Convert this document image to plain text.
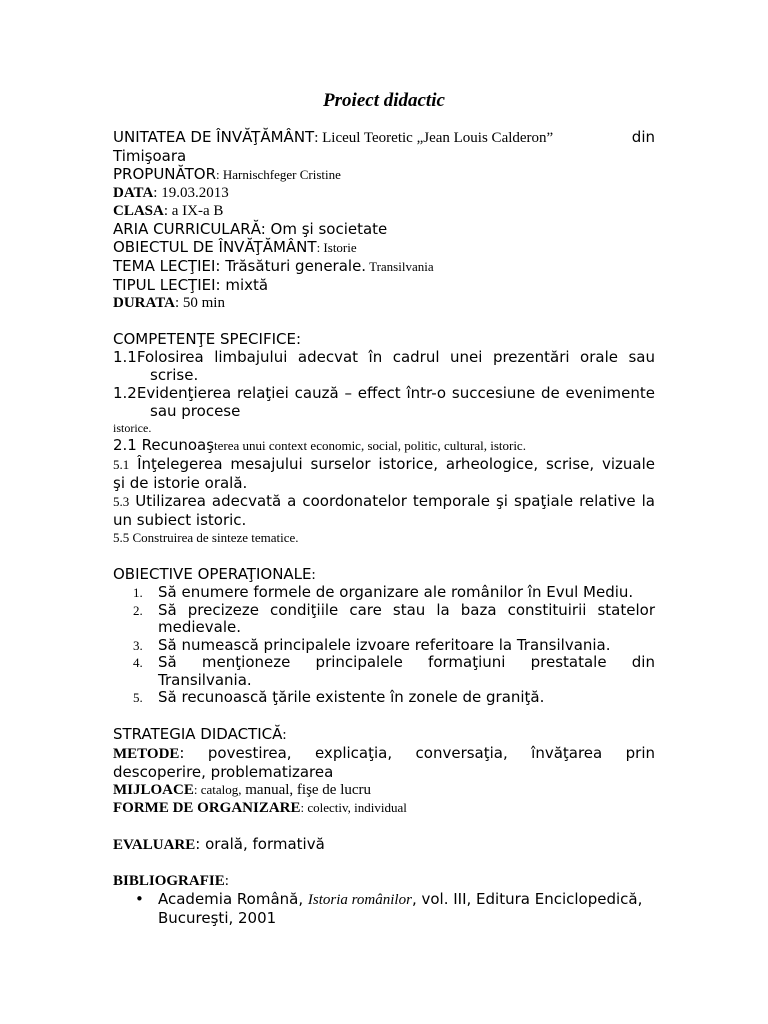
Proiect didactic
UNITATEA DE ÎNVĂŢĂMÂNT: Liceul Teoretic „Jean Louis Calderon”	din
Timişoara
PROPUNĂTOR: Harnischfeger Cristine
DATA: 19.03.2013
CLASA: a IX-a B
ARIA CURRICULARĂ: Om şi societate
OBIECTUL DE ÎNVĂŢĂMÂNT: Istorie
TEMA LECŢIEI: Trăsături generale. Transilvania
TIPUL LECŢIEI: mixtă
DURATA: 50 min
COMPETENŢE SPECIFICE:
1.1Folosirea limbajului adecvat în cadrul unei prezentări orale sau
scrise.
1.2Evidenţierea relaţiei cauză – effect într-o succesiune de evenimente
sau procese
istorice.
2.1 Recunoaşterea unui context economic, social, politic, cultural, istoric.
5.1 Înţelegerea mesajului surselor istorice, arheologice, scrise, vizuale
şi de istorie orală.
5.3 Utilizarea adecvată a coordonatelor temporale şi spaţiale relative la
un subiect istoric.
5.5 Construirea de sinteze tematice.
OBIECTIVE OPERAŢIONALE:
1. Să enumere formele de organizare ale românilor în Evul Mediu.
2. Să precizeze condiţiile care stau la baza constituirii statelor
medievale.
3. Să numească principalele izvoare referitoare la Transilvania.
4. Să menţioneze principalele formaţiuni prestatale din
Transilvania.
5. Să recunoască ţările existente în zonele de graniţă.
STRATEGIA DIDACTICĂ:
METODE: povestirea, explicaţia, conversaţia, învăţarea prin
descoperire, problematizarea
MIJLOACE: catalog, manual, fişe de lucru
FORME DE ORGANIZARE: colectiv, individual
EVALUARE: orală, formativă
BIBLIOGRAFIE:
• Academia Română, Istoria românilor, vol. III, Editura Enciclopedică,
Bucureşti, 2001
